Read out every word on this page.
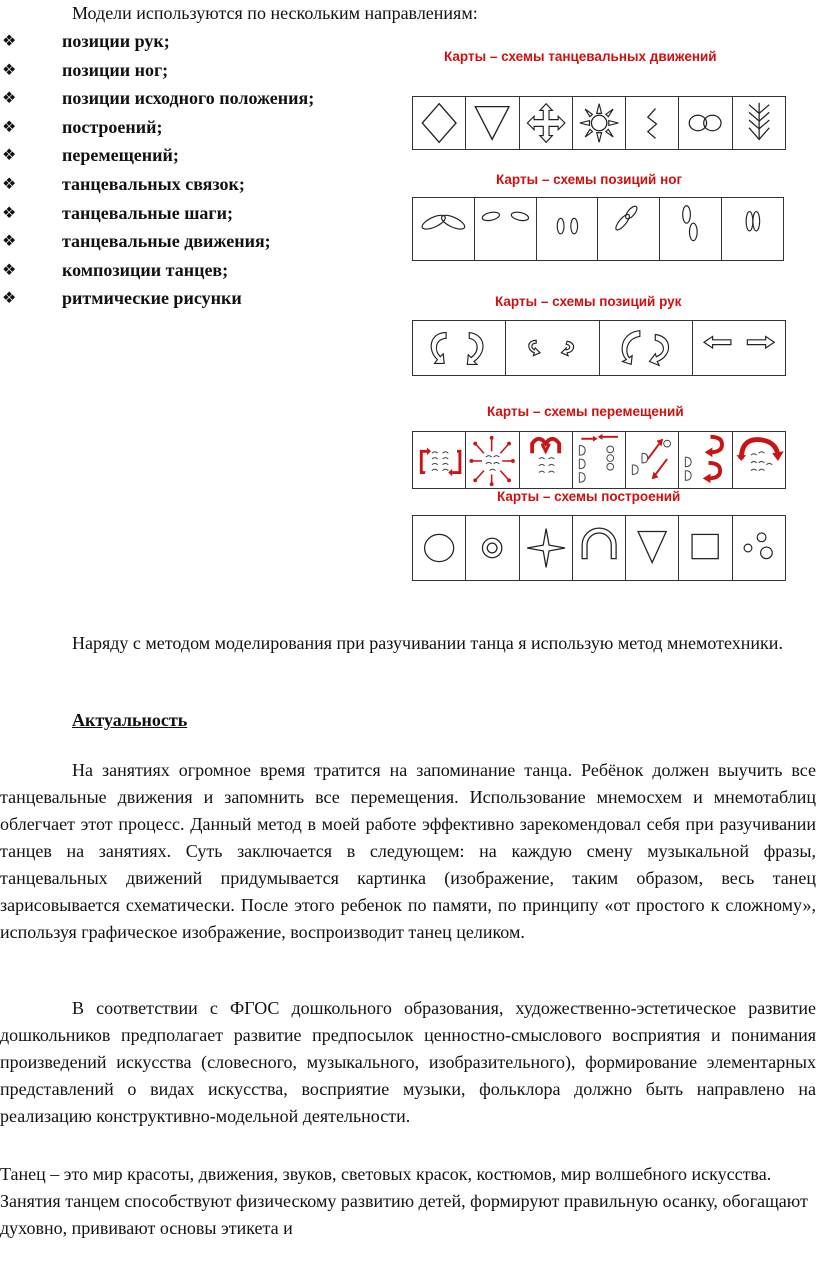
Модели используются по нескольким направлениям:
❖	позиции рук;
❖	позиции ног;
❖	позиции исходного положения;
❖	построений;
❖	перемещений;
❖	танцевальных связок;
❖	танцевальные шаги;
❖	танцевальные движения;
❖	композиции танцев;
❖	ритмические рисунки
Карты – схемы танцевальных движений
Карты – схемы позиций ног
Карты – схемы позиций рук
Карты – схемы перемещений
Карты – схемы построений

Наряду с методом моделирования при разучивании танца я использую метод мнемотехники.

Актуальность

На занятиях огромное время тратится на запоминание танца. Ребёнок должен выучить все танцевальные движения и запомнить все перемещения. Использование мнемосхем и мнемотаблиц облегчает этот процесс. Данный метод в моей работе эффективно зарекомендовал себя при разучивании танцев на занятиях. Суть заключается в следующем: на каждую смену музыкальной фразы, танцевальных движений придумывается картинка (изображение, таким образом, весь танец зарисовывается схематически. После этого ребенок по памяти, по принципу «от простого к сложному», используя графическое изображение, воспроизводит танец целиком.

В соответствии с ФГОС дошкольного образования, художественно-эстетическое развитие дошкольников предполагает развитие предпосылок ценностно-смыслового восприятия и понимания произведений искусства (словесного, музыкального, изобразительного), формирование элементарных представлений о видах искусства, восприятие музыки, фольклора должно быть направлено на реализацию конструктивно-модельной деятельности.

Танец – это мир красоты, движения, звуков, световых красок, костюмов, мир волшебного искусства. Занятия танцем способствуют физическому развитию детей, формируют правильную осанку, обогащают духовно, прививают основы этикета и
